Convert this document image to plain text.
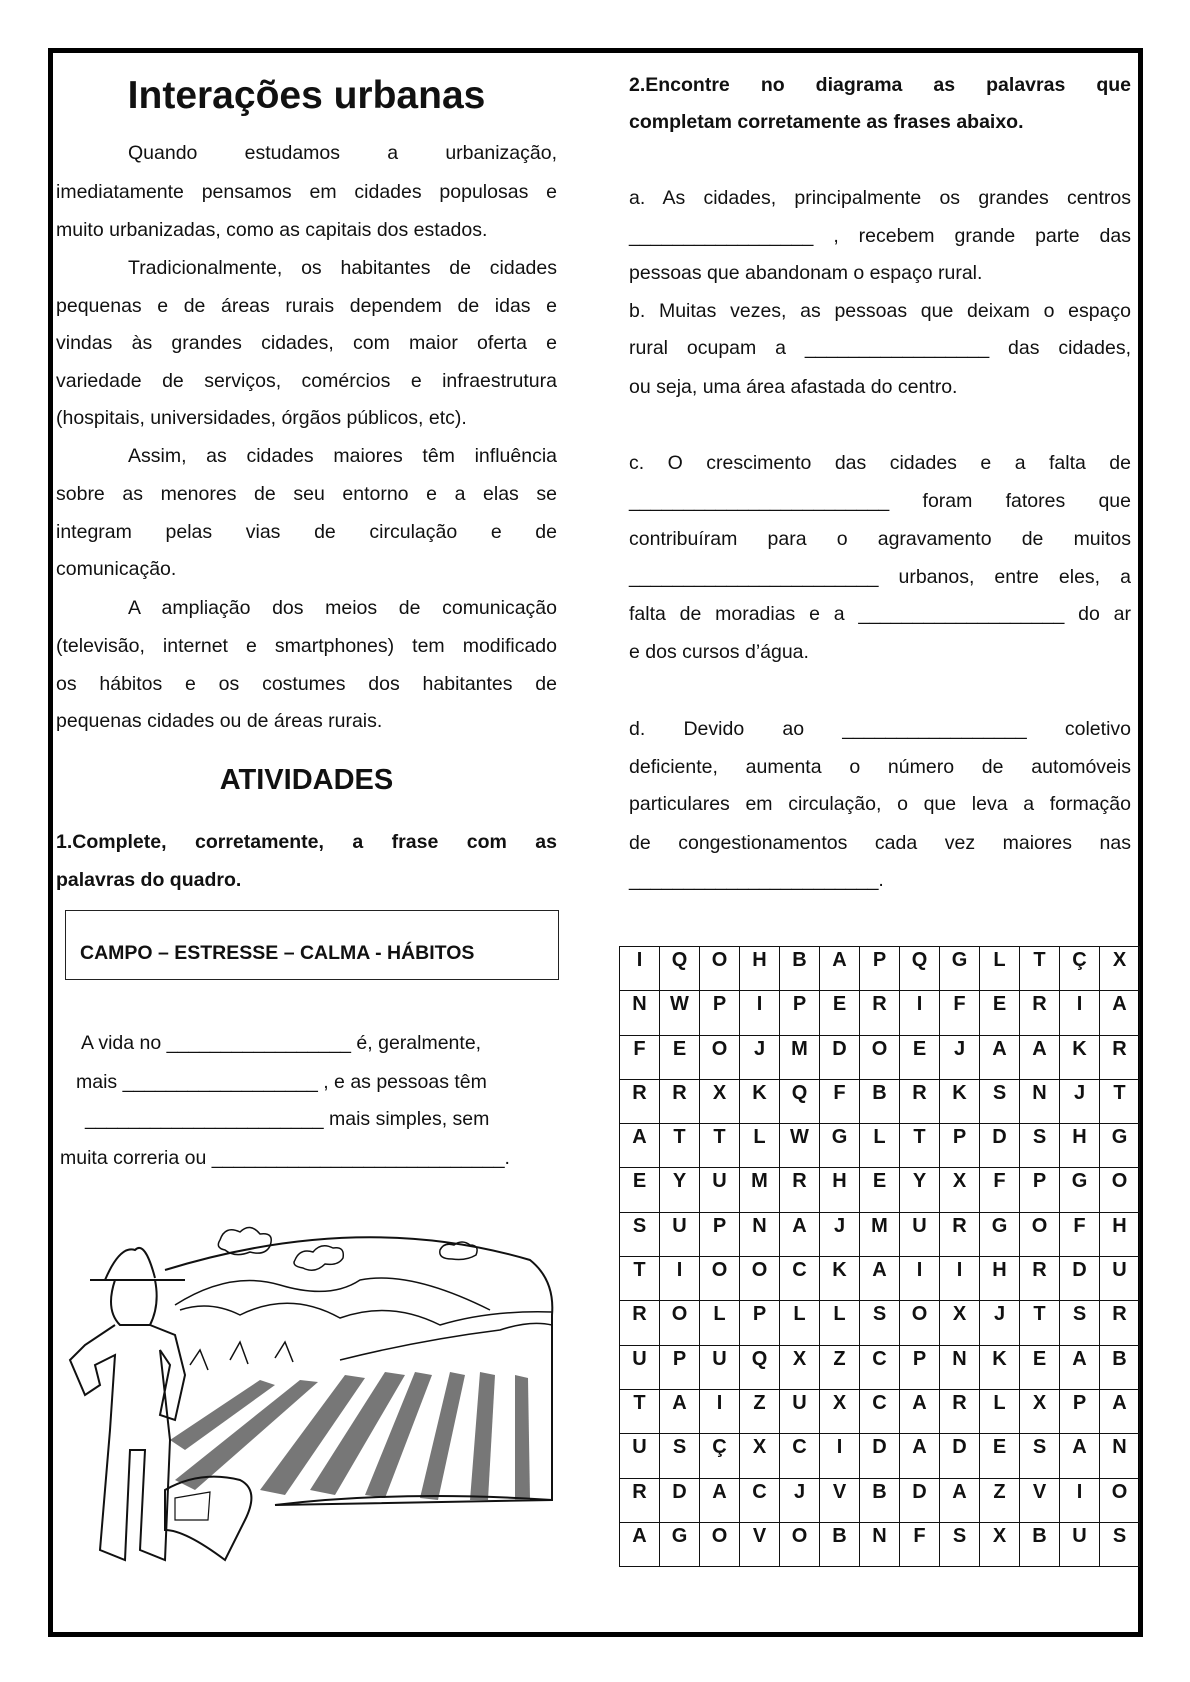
Interações urbanas
Quando estudamos a urbanização,
imediatamente pensamos em cidades populosas e
muito urbanizadas, como as capitais dos estados.
Tradicionalmente, os habitantes de cidades
pequenas e de áreas rurais dependem de idas e
vindas às grandes cidades, com maior oferta e
variedade de serviços, comércios e infraestrutura
(hospitais, universidades, órgãos públicos, etc).
Assim, as cidades maiores têm influência
sobre as menores de seu entorno e a elas se
integram pelas vias de circulação e de
comunicação.
A ampliação dos meios de comunicação
(televisão, internet e smartphones) tem modificado
os hábitos e os costumes dos habitantes de
pequenas cidades ou de áreas rurais.
ATIVIDADES
1.Complete, corretamente, a frase com as
palavras do quadro.
A vida no _________________ é, geralmente,
mais __________________ , e as pessoas têm
______________________ mais simples, sem
muita correria ou ___________________________.
CAMPO – ESTRESSE – CALMA - HÁBITOS
2.Encontre no diagrama as palavras que
completam corretamente as frases abaixo.
a. As cidades, principalmente os grandes centros
_________________ , recebem grande parte das
pessoas que abandonam o espaço rural.
b. Muitas vezes, as pessoas que deixam o espaço
rural ocupam a _________________ das cidades,
ou seja, uma área afastada do centro.
c. O crescimento das cidades e a falta de
________________________ foram fatores que
contribuíram para o agravamento de muitos
_______________________ urbanos, entre eles, a
falta de moradias e a ___________________ do ar
e dos cursos d’água.
d. Devido ao _________________ coletivo
deficiente, aumenta o número de automóveis
particulares em circulação, o que leva a formação
de congestionamentos cada vez maiores nas
_______________________.
I	Q	O	H	B	A	P	Q	G	L	T	Ç	X
N	W	P	I	P	E	R	I	F	E	R	I	A
F	E	O	J	M	D	O	E	J	A	A	K	R
R	R	X	K	Q	F	B	R	K	S	N	J	T
A	T	T	L	W	G	L	T	P	D	S	H	G
E	Y	U	M	R	H	E	Y	X	F	P	G	O
S	U	P	N	A	J	M	U	R	G	O	F	H
T	I	O	O	C	K	A	I	I	H	R	D	U
R	O	L	P	L	L	S	O	X	J	T	S	R
U	P	U	Q	X	Z	C	P	N	K	E	A	B
T	A	I	Z	U	X	C	A	R	L	X	P	A
U	S	Ç	X	C	I	D	A	D	E	S	A	N
R	D	A	C	J	V	B	D	A	Z	V	I	O
A	G	O	V	O	B	N	F	S	X	B	U	S
